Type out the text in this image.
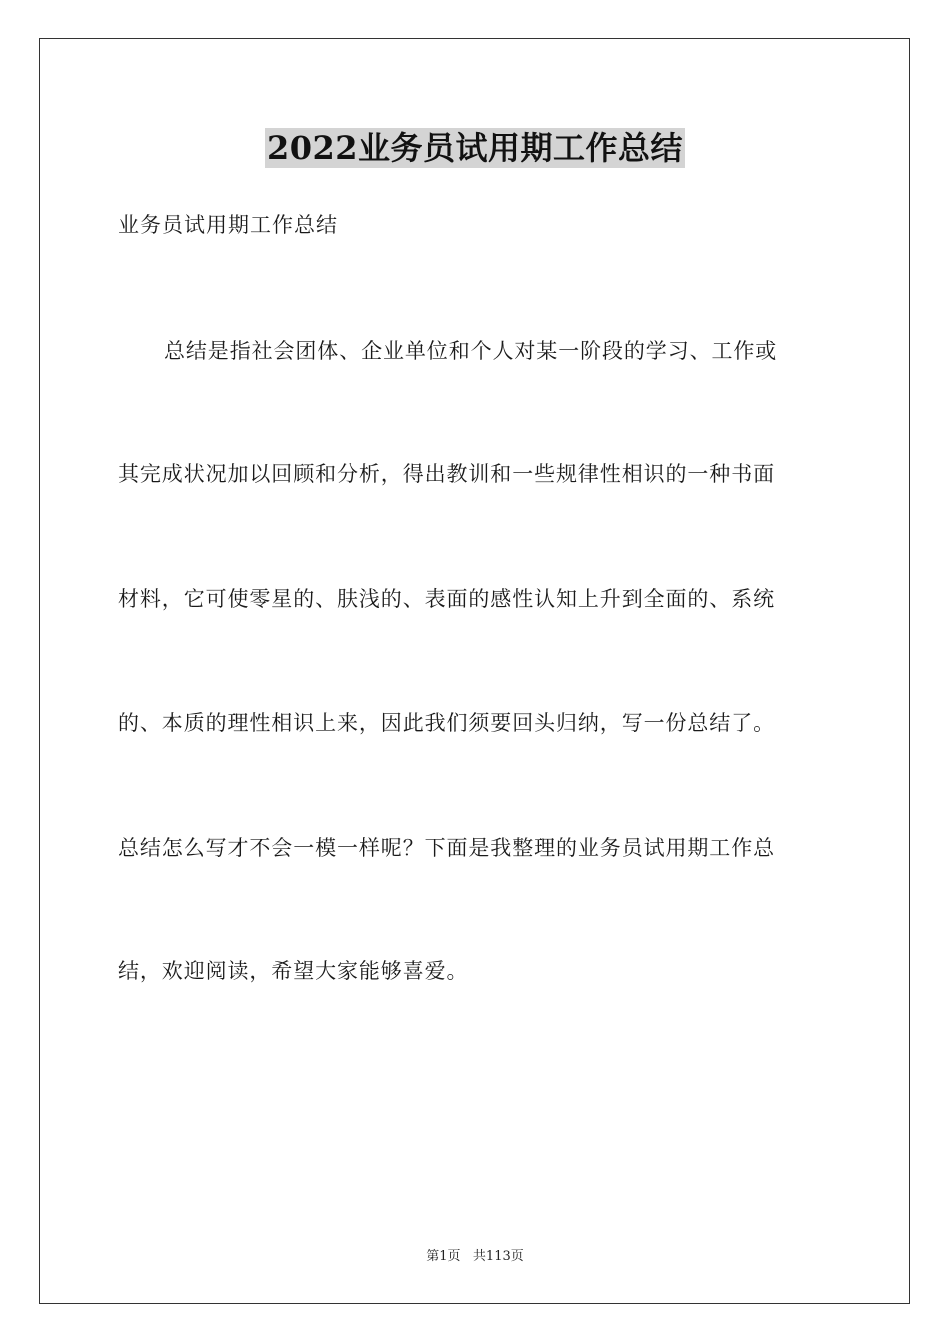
2022业务员试用期工作总结
业务员试用期工作总结
总结是指社会团体、企业单位和个人对某一阶段的学习、工作或
其完成状况加以回顾和分析，得出教训和一些规律性相识的一种书面
材料，它可使零星的、肤浅的、表面的感性认知上升到全面的、系统
的、本质的理性相识上来，因此我们须要回头归纳，写一份总结了。
总结怎么写才不会一模一样呢？下面是我整理的业务员试用期工作总
结，欢迎阅读，希望大家能够喜爱。
第1页   共113页
